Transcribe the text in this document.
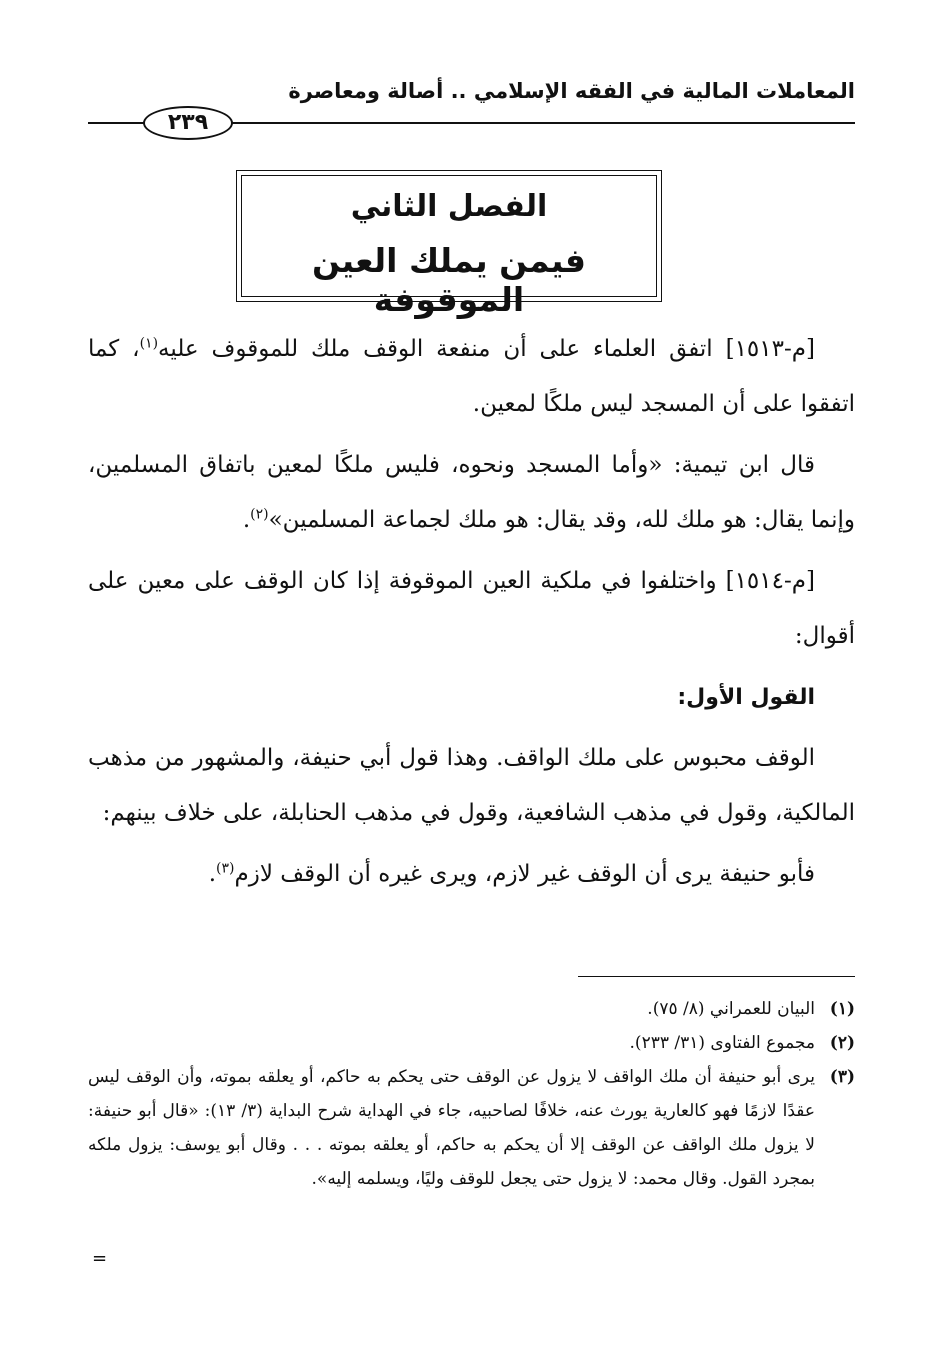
المعاملات المالية في الفقه الإسلامي .. أصالة ومعاصرة
٢٣٩
الفصل الثاني
فيمن يملك العين الموقوفة

[م-١٥١٣] اتفق العلماء على أن منفعة الوقف ملك للموقوف عليه$^{(١)}$، كما اتفقوا على أن المسجد ليس ملكًا لمعين.

قال ابن تيمية: «وأما المسجد ونحوه، فليس ملكًا لمعين باتفاق المسلمين، وإنما يقال: هو ملك لله، وقد يقال: هو ملك لجماعة المسلمين»$^{(٢)}$.

[م-١٥١٤] واختلفوا في ملكية العين الموقوفة إذا كان الوقف على معين على أقوال:

القول الأول:

الوقف محبوس على ملك الواقف. وهذا قول أبي حنيفة، والمشهور من مذهب المالكية، وقول في مذهب الشافعية، وقول في مذهب الحنابلة، على خلاف بينهم:

فأبو حنيفة يرى أن الوقف غير لازم، ويرى غيره أن الوقف لازم$^{(٣)}$.

(١)
البيان للعمراني (٨/ ٧٥).
(٢)
مجموع الفتاوى (٣١/ ٢٣٣).
(٣)
يرى أبو حنيفة أن ملك الواقف لا يزول عن الوقف حتى يحكم به حاكم، أو يعلقه بموته، وأن الوقف ليس عقدًا لازمًا فهو كالعارية يورث عنه، خلافًا لصاحبيه، جاء في الهداية شرح البداية (٣/ ١٣): «قال أبو حنيفة: لا يزول ملك الواقف عن الوقف إلا أن يحكم به حاكم، أو يعلقه بموته . . . وقال أبو يوسف: يزول ملكه بمجرد القول. وقال محمد: لا يزول حتى يجعل للوقف وليًا، ويسلمه إليه».
=
